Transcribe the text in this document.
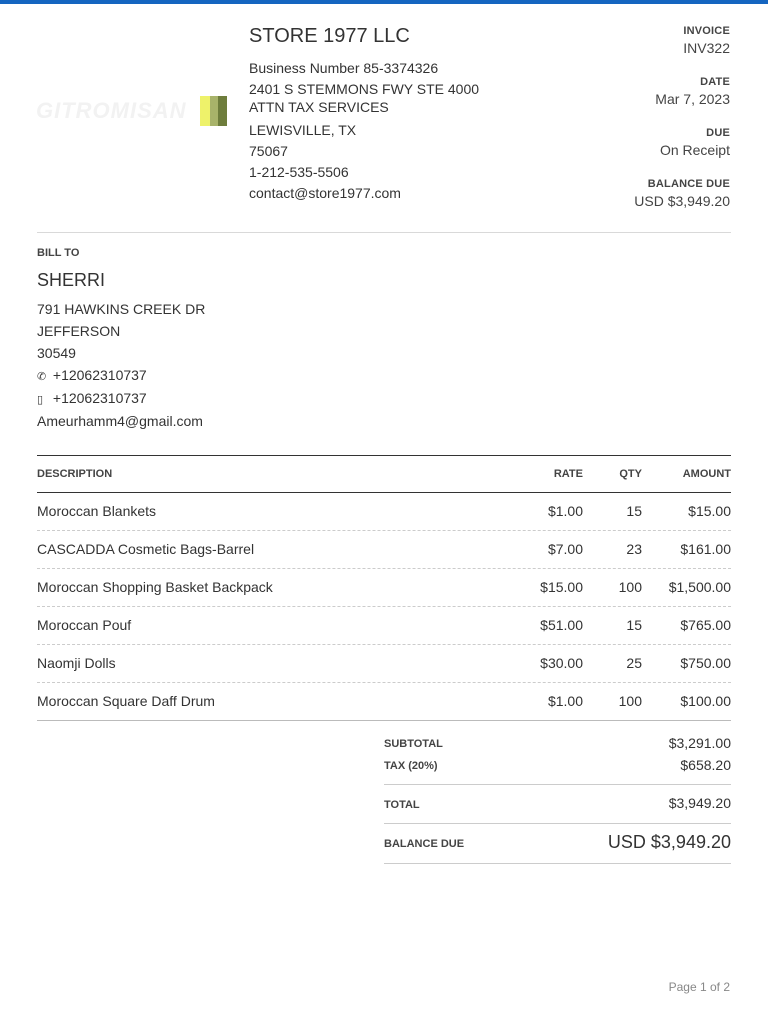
GITROMISAN
STORE 1977 LLC
Business Number 85-3374326
2401 S STEMMONS FWY STE 4000
ATTN TAX SERVICES
LEWISVILLE, TX
75067
1-212-535-5506
contact@store1977.com
INVOICE
INV322
DATE
Mar 7, 2023
DUE
On Receipt
BALANCE DUE
USD $3,949.20
BILL TO
SHERRI
791 HAWKINS CREEK DR
JEFFERSON
30549
✆ +12062310737
▯ +12062310737
Ameurhamm4@gmail.com
DESCRIPTION	RATE	QTY	AMOUNT
Moroccan Blankets	$1.00	15	$15.00
CASCADDA Cosmetic Bags-Barrel	$7.00	23	$161.00
Moroccan Shopping Basket Backpack	$15.00	100 $1,500.00
Moroccan Pouf	$51.00	15	$765.00
Naomji Dolls	$30.00	25	$750.00
Moroccan Square Daff Drum	$1.00	100	$100.00
SUBTOTAL	$3,291.00
TAX (20%)	$658.20
TOTAL	$3,949.20
BALANCE DUE	USD $3,949.20
Page 1 of 2
